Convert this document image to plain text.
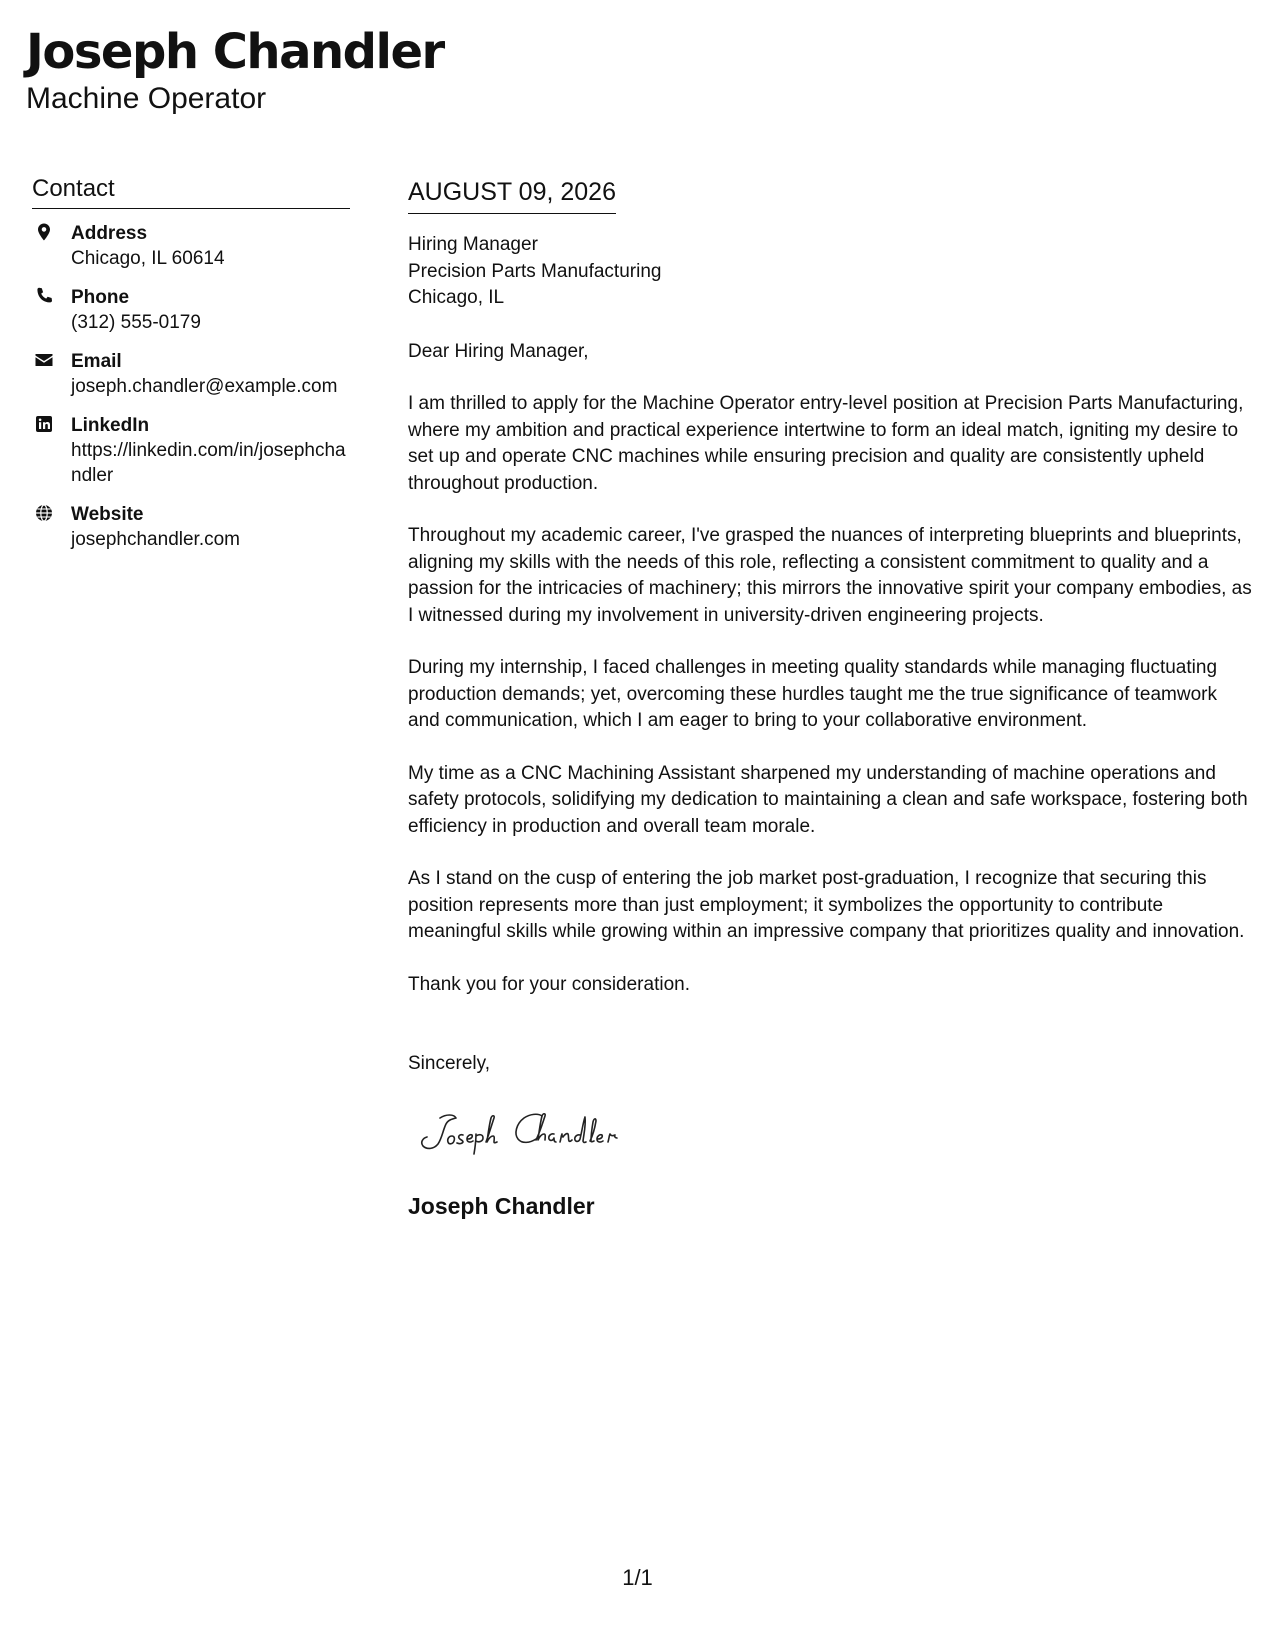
Joseph Chandler
Machine Operator
Contact
Address
Chicago, IL 60614
Phone
(312) 555-0179
Email
joseph.chandler@example.com
LinkedIn
https://linkedin.com/in/josephchandler
Website
josephchandler.com
AUGUST 09, 2026
Hiring Manager
Precision Parts Manufacturing
Chicago, IL
Dear Hiring Manager,
I am thrilled to apply for the Machine Operator entry-level position at Precision Parts Manufacturing, where my ambition and practical experience intertwine to form an ideal match, igniting my desire to set up and operate CNC machines while ensuring precision and quality are consistently upheld throughout production.
Throughout my academic career, I've grasped the nuances of interpreting blueprints and blueprints, aligning my skills with the needs of this role, reflecting a consistent commitment to quality and a passion for the intricacies of machinery; this mirrors the innovative spirit your company embodies, as I witnessed during my involvement in university-driven engineering projects.
During my internship, I faced challenges in meeting quality standards while managing fluctuating production demands; yet, overcoming these hurdles taught me the true significance of teamwork and communication, which I am eager to bring to your collaborative environment.
My time as a CNC Machining Assistant sharpened my understanding of machine operations and safety protocols, solidifying my dedication to maintaining a clean and safe workspace, fostering both efficiency in production and overall team morale.
As I stand on the cusp of entering the job market post-graduation, I recognize that securing this position represents more than just employment; it symbolizes the opportunity to contribute meaningful skills while growing within an impressive company that prioritizes quality and innovation.
Thank you for your consideration.
Sincerely,
Joseph Chandler
1/1
